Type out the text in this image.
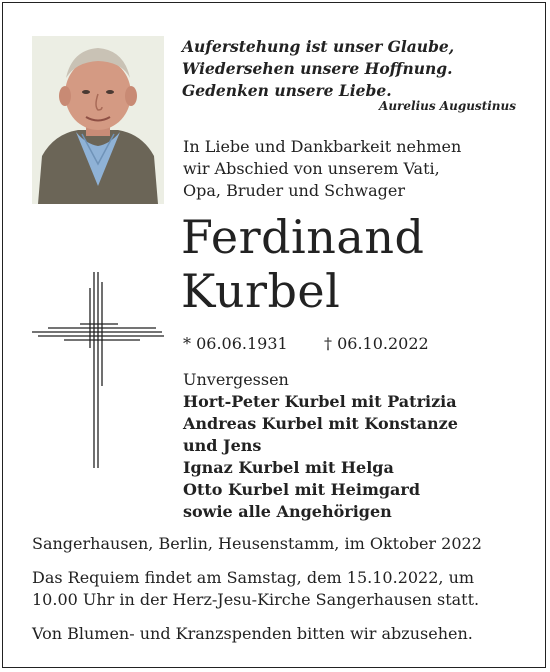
Auferstehung ist unser Glaube,
Wiedersehen unsere Hoffnung.
Gedenken unsere Liebe.
Aurelius Augustinus
In Liebe und Dankbarkeit nehmen
wir Abschied von unserem Vati,
Opa, Bruder und Schwager
Ferdinand
Kurbel
* 06.06.1931 † 06.10.2022
Unvergessen
Hort-Peter Kurbel mit Patrizia
Andreas Kurbel mit Konstanze
und Jens
Ignaz Kurbel mit Helga
Otto Kurbel mit Heimgard
sowie alle Angehörigen
Sangerhausen, Berlin, Heusenstamm, im Oktober 2022
Das Requiem findet am Samstag, dem 15.10.2022, um
10.00 Uhr in der Herz-Jesu-Kirche Sangerhausen statt.
Von Blumen- und Kranzspenden bitten wir abzusehen.
